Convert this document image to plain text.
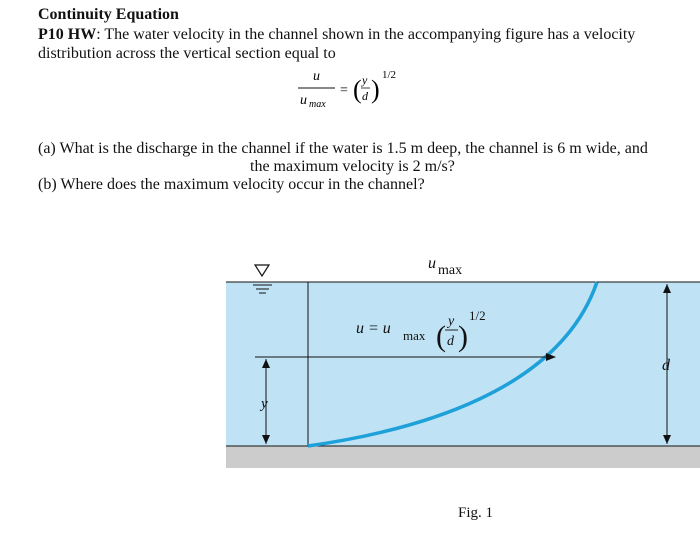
Continuity Equation
P10 HW: The water velocity in the channel shown in the accompanying figure has a velocity distribution across the vertical section equal to
u
u max
= ( y
d ) 1/2
y
d
u max
u = u max ( y
d )
1/2
Fig. 1
(a) What is the discharge in the channel if the water is 1.5 m deep, the channel is 6 m wide, and
the maximum velocity is 2 m/s?
(b) Where does the maximum velocity occur in the channel?
